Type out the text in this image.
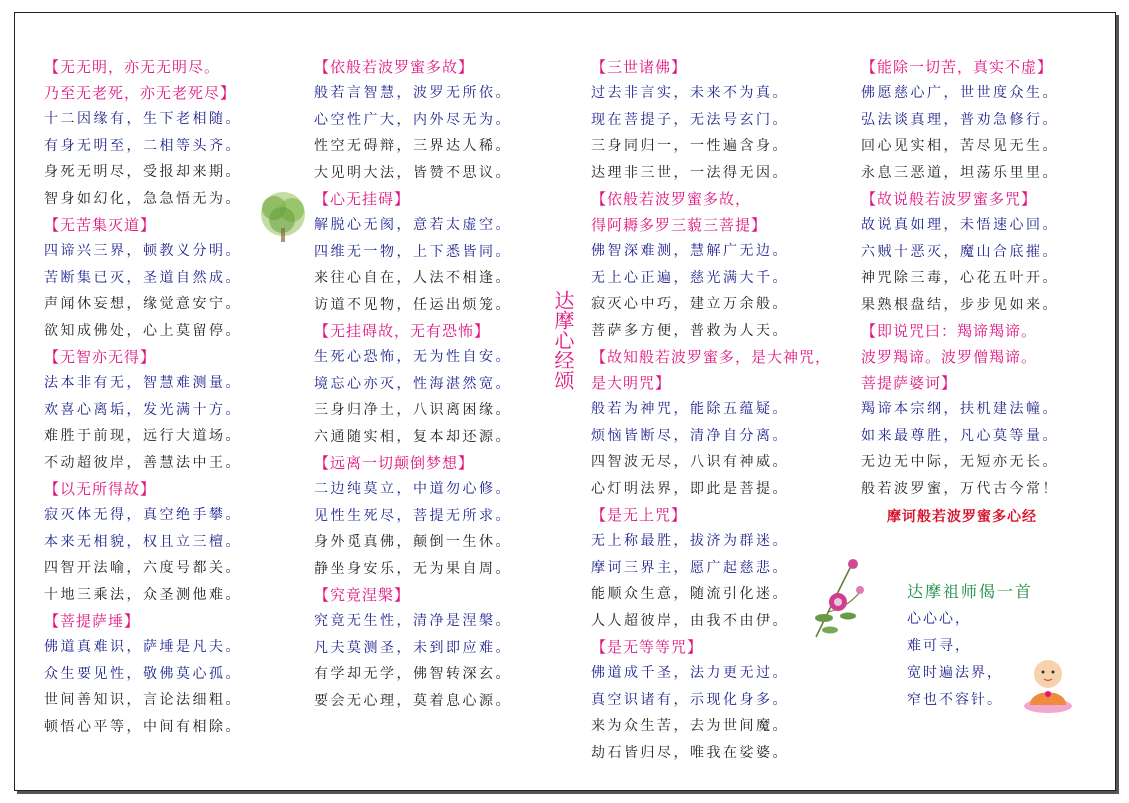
【无无明，亦无无明尽。
乃至无老死，亦无老死尽】
十二因缘有，生下老相随。
有身无明至，二相等头齐。
身死无明尽，受报却来期。
智身如幻化，急急悟无为。
【无苦集灭道】
四谛兴三界，顿教义分明。
苦断集已灭，圣道自然成。
声闻休妄想，缘觉意安宁。
欲知成佛处，心上莫留停。
【无智亦无得】
法本非有无，智慧难测量。
欢喜心离垢，发光满十方。
难胜于前现，远行大道场。
不动超彼岸，善慧法中王。
【以无所得故】
寂灭体无得，真空绝手攀。
本来无相貌，权且立三檀。
四智开法喻，六度号都关。
十地三乘法，众圣测他难。
【菩提萨埵】
佛道真难识，萨埵是凡夫。
众生要见性，敬佛莫心孤。
世间善知识，言论法细粗。
顿悟心平等，中间有相除。
【依般若波罗蜜多故】
般若言智慧，波罗无所依。
心空性广大，内外尽无为。
性空无碍辩，三界达人稀。
大见明大法，皆赞不思议。
【心无挂碍】
解脱心无阂，意若太虚空。
四维无一物，上下悉皆同。
来往心自在，人法不相逢。
访道不见物，任运出烦笼。
【无挂碍故，无有恐怖】
生死心恐怖，无为性自安。
境忘心亦灭，性海湛然宽。
三身归净土，八识离困缘。
六通随实相，复本却还源。
【远离一切颠倒梦想】
二边纯莫立，中道勿心修。
见性生死尽，菩提无所求。
身外觅真佛，颠倒一生休。
静坐身安乐，无为果自周。
【究竟涅槃】
究竟无生性，清净是涅槃。
凡夫莫测圣，未到即应难。
有学却无学，佛智转深玄。
要会无心理，莫着息心源。
【三世诸佛】
过去非言实，未来不为真。
现在菩提子，无法号玄门。
三身同归一，一性遍含身。
达理非三世，一法得无因。
【依般若波罗蜜多故，
得阿耨多罗三藐三菩提】
佛智深难测，慧解广无边。
无上心正遍，慈光满大千。
寂灭心中巧，建立万余般。
菩萨多方便，普救为人天。
【故知般若波罗蜜多，是大神咒，
是大明咒】
般若为神咒，能除五蕴疑。
烦恼皆断尽，清净自分离。
四智波无尽，八识有神威。
心灯明法界，即此是菩提。
【是无上咒】
无上称最胜，拔济为群迷。
摩诃三界主，愿广起慈悲。
能顺众生意，随流引化迷。
人人超彼岸，由我不由伊。
【是无等等咒】
佛道成千圣，法力更无过。
真空识诸有，示现化身多。
来为众生苦，去为世间魔。
劫石皆归尽，唯我在娑婆。
【能除一切苦，真实不虚】
佛愿慈心广，世世度众生。
弘法谈真理，普劝急修行。
回心见实相，苦尽见无生。
永息三恶道，坦荡乐里里。
【故说般若波罗蜜多咒】
故说真如理，未悟速心回。
六贼十恶灭，魔山合底摧。
神咒除三毒，心花五叶开。
果熟根盘结，步步见如来。
【即说咒曰：羯谛羯谛。
波罗羯谛。波罗僧羯谛。
菩提萨婆诃】
羯谛本宗纲，扶机建法幢。
如来最尊胜，凡心莫等量。
无边无中际，无短亦无长。
般若波罗蜜，万代古今常！
摩诃般若波罗蜜多心经
达摩心经颂
达摩祖师偈一首
心心心，
难可寻，
宽时遍法界，
窄也不容针。
